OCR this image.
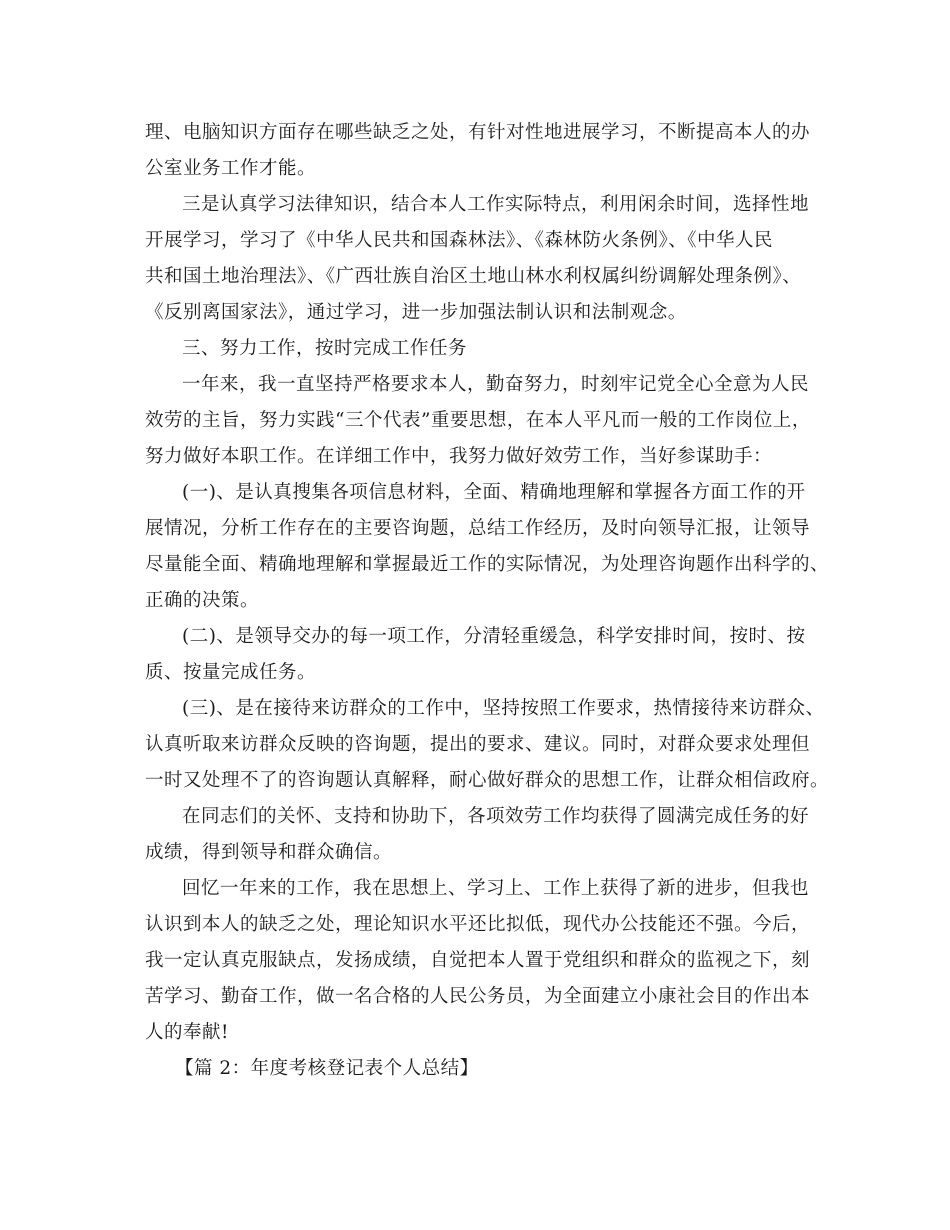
理、电脑知识方面存在哪些缺乏之处，有针对性地进展学习，不断提高本人的办
公室业务工作才能。
三是认真学习法律知识，结合本人工作实际特点，利用闲余时间，选择性地
开展学习，学习了《中华人民共和国森林法》、《森林防火条例》、《中华人民
共和国土地治理法》、《广西壮族自治区土地山林水利权属纠纷调解处理条例》、
《反别离国家法》，通过学习，进一步加强法制认识和法制观念。
三、努力工作，按时完成工作任务
一年来，我一直坚持严格要求本人，勤奋努力，时刻牢记党全心全意为人民
效劳的主旨，努力实践“三个代表”重要思想，在本人平凡而一般的工作岗位上，
努力做好本职工作。在详细工作中，我努力做好效劳工作，当好参谋助手：
(一)、是认真搜集各项信息材料，全面、精确地理解和掌握各方面工作的开
展情况，分析工作存在的主要咨询题，总结工作经历，及时向领导汇报，让领导
尽量能全面、精确地理解和掌握最近工作的实际情况，为处理咨询题作出科学的、
正确的决策。
(二)、是领导交办的每一项工作，分清轻重缓急，科学安排时间，按时、按
质、按量完成任务。
(三)、是在接待来访群众的工作中，坚持按照工作要求，热情接待来访群众、
认真听取来访群众反映的咨询题，提出的要求、建议。同时，对群众要求处理但
一时又处理不了的咨询题认真解释，耐心做好群众的思想工作，让群众相信政府。
在同志们的关怀、支持和协助下，各项效劳工作均获得了圆满完成任务的好
成绩，得到领导和群众确信。
回忆一年来的工作，我在思想上、学习上、工作上获得了新的进步，但我也
认识到本人的缺乏之处，理论知识水平还比拟低，现代办公技能还不强。今后，
我一定认真克服缺点，发扬成绩，自觉把本人置于党组织和群众的监视之下，刻
苦学习、勤奋工作，做一名合格的人民公务员，为全面建立小康社会目的作出本
人的奉献!
【篇 2：年度考核登记表个人总结】
